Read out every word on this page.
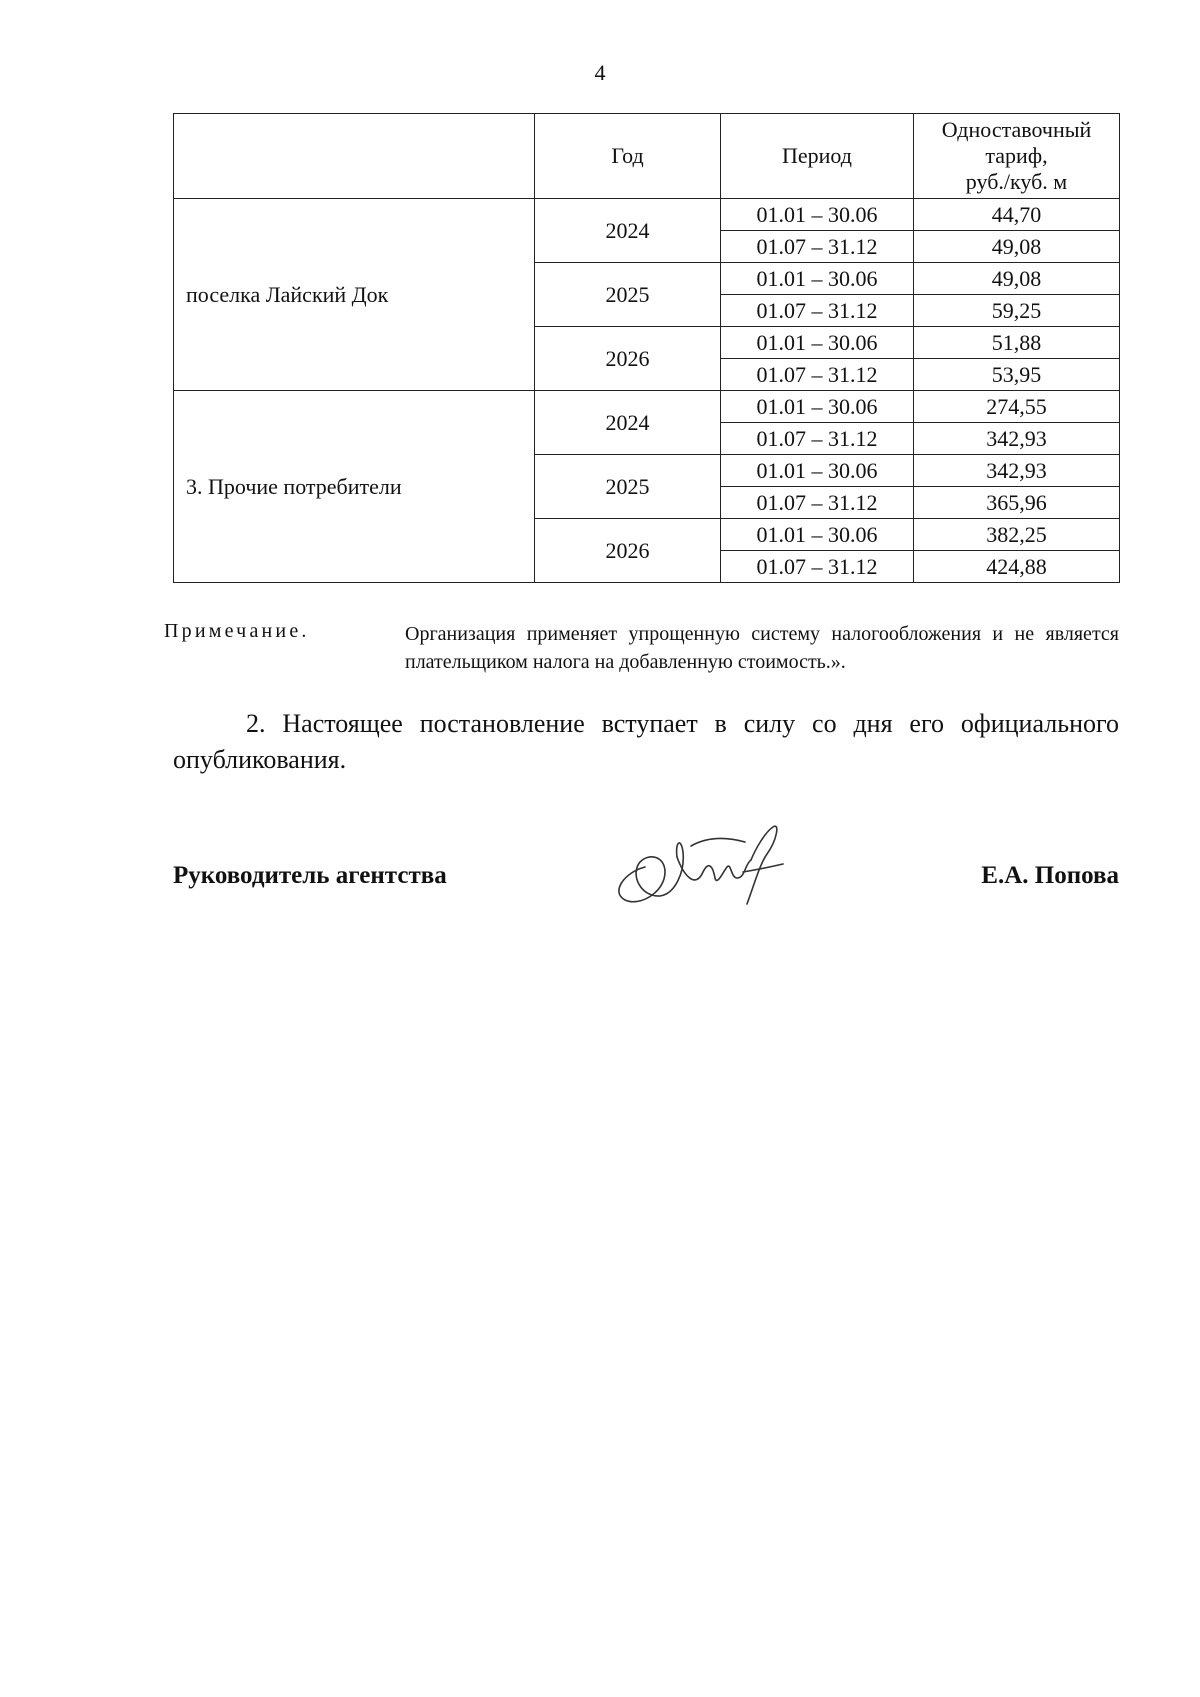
4
	Год	Период	Одноставочный
тариф,
руб./куб. м
поселка Лайский Док	2024	01.01 – 30.06	44,70
		01.07 – 31.12	49,08
	2025	01.01 – 30.06	49,08
		01.07 – 31.12	59,25
	2026	01.01 – 30.06	51,88
		01.07 – 31.12	53,95
3. Прочие потребители	2024	01.01 – 30.06	274,55
		01.07 – 31.12	342,93
	2025	01.01 – 30.06	342,93
		01.07 – 31.12	365,96
	2026	01.01 – 30.06	382,25
		01.07 – 31.12	424,88
Примечание.	Организация применяет упрощенную систему налогообложения и не является плательщиком налога на добавленную стоимость.».
2. Настоящее постановление вступает в силу со дня его официального опубликования.
Руководитель агентства	Е.А. Попова
